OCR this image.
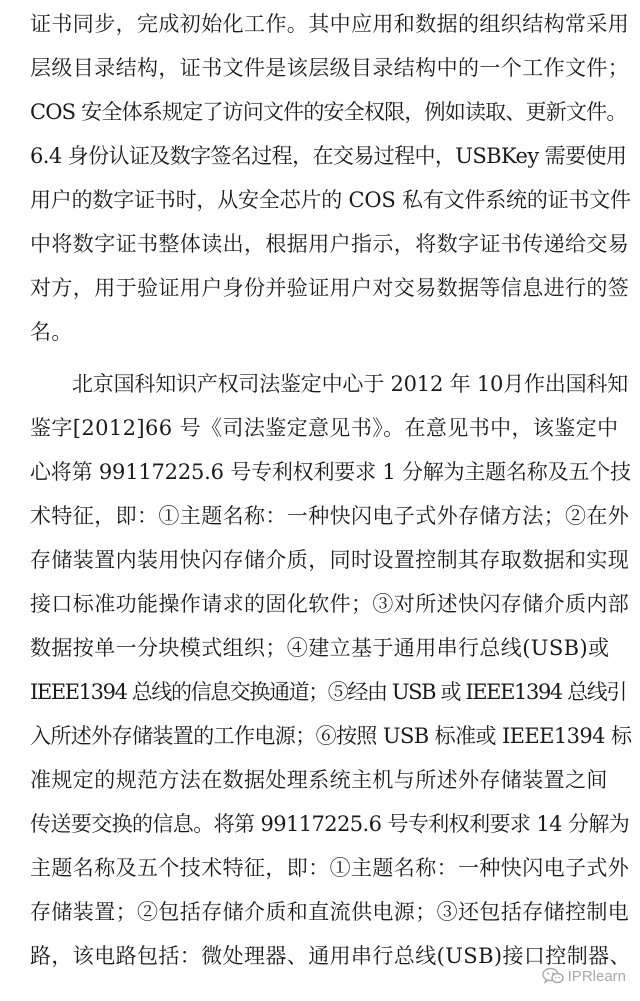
证书同步，完成初始化工作。其中应用和数据的组织结构常采用
层级目录结构，证书文件是该层级目录结构中的一个工作文件；
COS 安全体系规定了访问文件的安全权限，例如读取、更新文件。
6.4 身份认证及数字签名过程，在交易过程中，USBKey 需要使用
用户的数字证书时，从安全芯片的 COS 私有文件系统的证书文件
中将数字证书整体读出，根据用户指示，将数字证书传递给交易
对方，用于验证用户身份并验证用户对交易数据等信息进行的签
名。
北京国科知识产权司法鉴定中心于 2012 年 10月作出国科知
鉴字[2012]66 号《司法鉴定意见书》。在意见书中，该鉴定中
心将第 99117225.6 号专利权利要求 1 分解为主题名称及五个技
术特征，即：①主题名称：一种快闪电子式外存储方法；②在外
存储装置内装用快闪存储介质，同时设置控制其存取数据和实现
接口标准功能操作请求的固化软件；③对所述快闪存储介质内部
数据按单一分块模式组织；④建立基于通用串行总线(USB)或
IEEE1394 总线的信息交换通道；⑤经由 USB 或 IEEE1394 总线引
入所述外存储装置的工作电源；⑥按照 USB 标准或 IEEE1394 标
准规定的规范方法在数据处理系统主机与所述外存储装置之间
传送要交换的信息。将第 99117225.6 号专利权利要求 14 分解为
主题名称及五个技术特征，即：①主题名称：一种快闪电子式外
存储装置；②包括存储介质和直流供电源；③还包括存储控制电
路，该电路包括：微处理器、通用串行总线(USB)接口控制器、
IPRlearn
